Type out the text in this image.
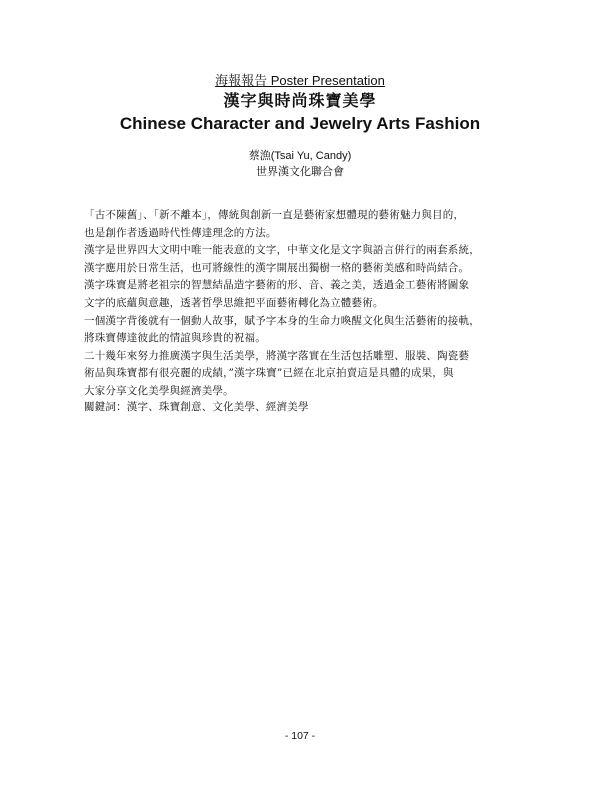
海報報告 Poster Presentation
漢字與時尚珠寶美學
Chinese Character and Jewelry Arts Fashion
蔡漁(Tsai Yu, Candy)
世界漢文化聯合會

「古不陳舊」、「新不離本」，傳統與創新一直是藝術家想體現的藝術魅力與目的，

也是創作者透過時代性傳達理念的方法。

漢字是世界四大文明中唯一能表意的文字，中華文化是文字與語言併行的兩套系統，

漢字應用於日常生活，也可將線性的漢字開展出獨樹一格的藝術美感和時尚結合。

漢字珠寶是將老祖宗的智慧結晶造字藝術的形、音、義之美，透過金工藝術將圖象

文字的底蘊與意趣，透著哲學思維把平面藝術轉化為立體藝術。

一個漢字背後就有一個動人故事，賦予字本身的生命力喚醒文化與生活藝術的接軌，

將珠寶傳達彼此的情誼與珍貴的祝福。

二十幾年來努力推廣漢字與生活美學，將漢字落實在生活包括雕塑、服裝、陶瓷藝

術品與珠寶都有很亮麗的成績，”漢字珠寶”已經在北京拍賣這是具體的成果，與

大家分享文化美學與經濟美學。

關鍵詞：漢字、珠寶創意、文化美學、經濟美學

- 107 -
